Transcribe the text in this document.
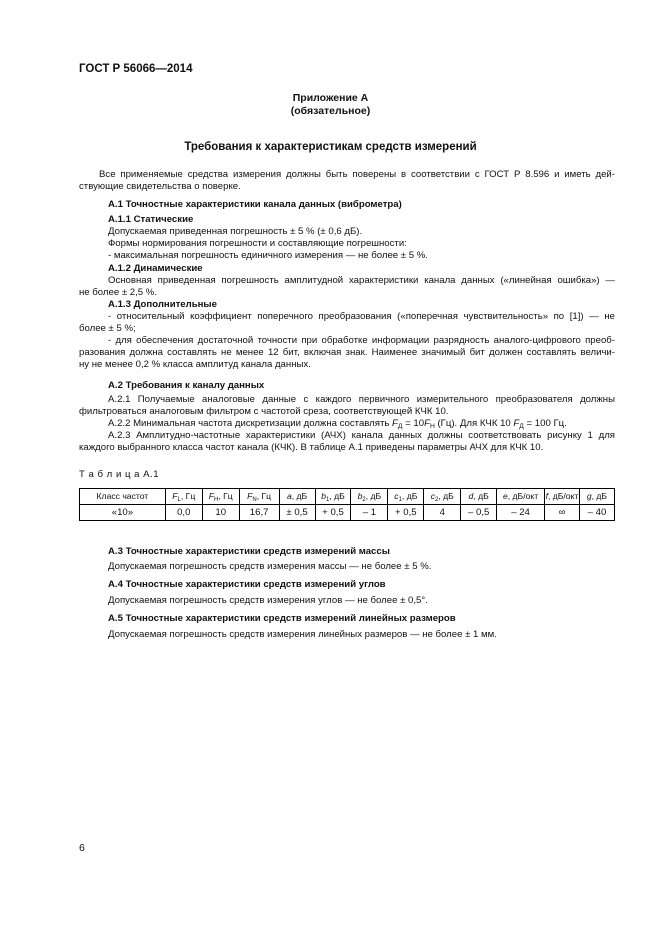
ГОСТ Р 56066—2014
Приложение А
(обязательное)
Требования к характеристикам средств измерений
Все применяемые средства измерения должны быть поверены в соответствии с ГОСТ Р 8.596 и иметь дей-
ствующие свидетельства о поверке.
А.1 Точностные характеристики канала данных (виброметра)
А.1.1 Статические
Допускаемая приведенная погрешность ± 5 % (± 0,6 дБ).
Формы нормирования погрешности и составляющие погрешности:
- максимальная погрешность единичного измерения — не более ± 5 %.
А.1.2 Динамические
Основная приведенная погрешность амплитудной характеристики канала данных («линейная ошибка») —
не более ± 2,5 %.
А.1.3 Дополнительные
- относительный коэффициент поперечного преобразования («поперечная чувствительность» по [1]) — не
более ± 5 %;
- для обеспечения достаточной точности при обработке информации разрядность аналого-цифрового преоб-
разования должна составлять не менее 12 бит, включая знак. Наименее значимый бит должен составлять величи-
ну не менее 0,2 % класса амплитуд канала данных.
А.2 Требования к каналу данных
А.2.1 Получаемые аналоговые данные с каждого первичного измерительного преобразователя должны
фильтроваться аналоговым фильтром с частотой среза, соответствующей КЧК 10.
А.2.2 Минимальная частота дискретизации должна составлять $F_Д = 10F_H$ (Гц). Для КЧК 10 $F_Д = 100$ Гц.
А.2.3 Амплитудно-частотные характеристики (АЧХ) канала данных должны соответствовать рисунку 1 для
каждого выбранного класса частот канала (КЧК). В таблице А.1 приведены параметры АЧХ для КЧК 10.
Т а б л и ц а А.1
Класс частот	$F_L$, Гц	$F_H$, Гц	$F_N$, Гц	a, дБ	$b_1$, дБ	$b_2$, дБ	$c_1$, дБ	$c_2$, дБ	d, дБ	e, дБ/окт	f, дБ/окт	g, дБ
«10»	0,0	10	16,7	± 0,5	+ 0,5	– 1	+ 0,5	4	– 0,5	– 24	∞	– 40
А.3 Точностные характеристики средств измерений массы
Допускаемая погрешность средств измерения массы — не более ± 5 %.
А.4 Точностные характеристики средств измерений углов
Допускаемая погрешность средств измерения углов — не более ± 0,5°.
А.5 Точностные характеристики средств измерений линейных размеров
Допускаемая погрешность средств измерения линейных размеров — не более ± 1 мм.
6
